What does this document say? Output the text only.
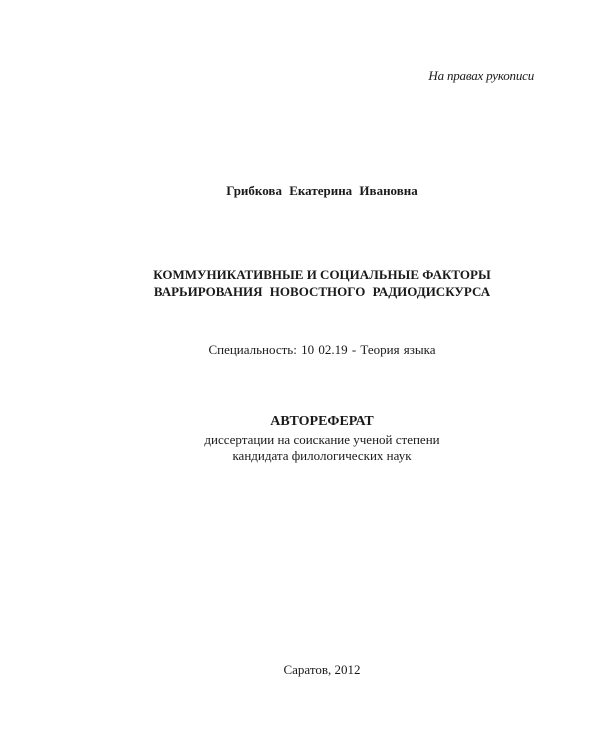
На правах рукописи
Грибкова Екатерина Ивановна
КОММУНИКАТИВНЫЕ И СОЦИАЛЬНЫЕ ФАКТОРЫ
ВАРЬИРОВАНИЯ НОВОСТНОГО РАДИОДИСКУРСА
Специальность: 10 02.19 - Теория языка
АВТОРЕФЕРАТ
диссертации на соискание ученой степени
кандидата филологических наук
Саратов, 2012
